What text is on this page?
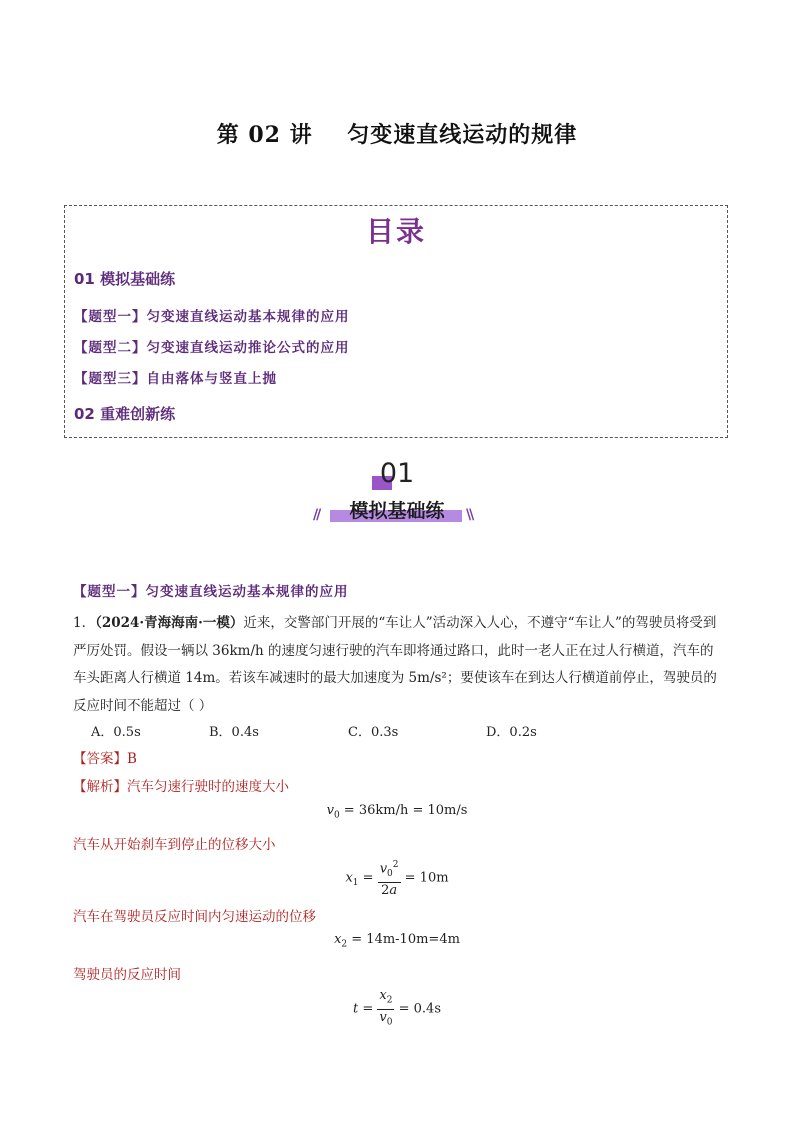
第 02 讲    匀变速直线运动的规律
目录
01 模拟基础练
【题型一】匀变速直线运动基本规律的应用
【题型二】匀变速直线运动推论公式的应用
【题型三】自由落体与竖直上抛
02 重难创新练
01
//	模拟基础练	\\
【题型一】匀变速直线运动基本规律的应用
1．（2024·青海海南·一模）近来，交警部门开展的“车让人”活动深入人心，不遵守“车让人”的驾驶员将受到
严厉处罚。假设一辆以 36km/h 的速度匀速行驶的汽车即将通过路口，此时一老人正在过人行横道，汽车的
车头距离人行横道 14m。若该车减速时的最大加速度为 5m/s²；要使该车在到达人行横道前停止，驾驶员的
反应时间不能超过（ ）
A．0.5s	B．0.4s	C．0.3s	D．0.2s
【答案】B
【解析】汽车匀速行驶时的速度大小
$v_0 = 36km/h = 10m/s$
汽车从开始刹车到停止的位移大小
$x_1 = \frac{v_0^2}{2a} = 10m$
汽车在驾驶员反应时间内匀速运动的位移
$x_2 = 14m-10m=4m$
驾驶员的反应时间
$t = \frac{x_2}{v_0} = 0.4s$
